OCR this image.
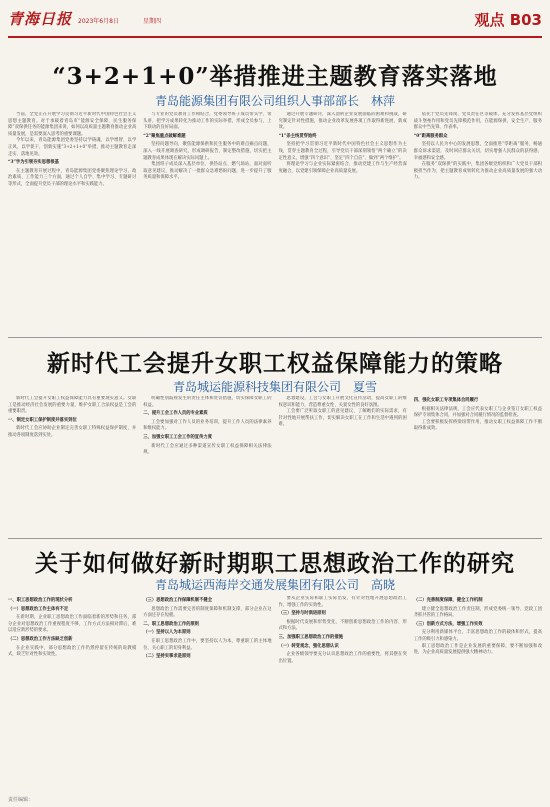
青海日报 2023年6月8日	星期四	观点 B03
“3+2+1+0”举措推进主题教育落实落地
青岛能源集团有限公司组织人事部部长　林萍

当前，全党正在开展学习贯彻习近平新时代中国特色社会主义思想主题教育。对于承载着青岛市“能源安全保障、民生服务保障”双保供任务的能源集团来说，如何以高质量主题教育推动企业高质量发展，是需要深入思考的重要课题。

今年以来，青岛能源集团党委坚持以学铸魂、以学增智、以学正风、以学促干，创新实施“3+2+1+0”举措，推动主题教育走深走实、落地见效。

“3”字为引领夯实思想根基

在主题教育开展过程中，青岛能源集团党委聚焦理论学习、政治素质、工作能力三个方面，通过个人自学、集中学习、专题研讨等形式，全面提升党员干部的理论水平和实践能力。

与专业的党员教育工作相结合，党委领导班子成员带头学、带头讲，把学习成果转化为推动工作的实际举措，形成全员参与、上下联动的良好局面。

“2”聚焦重点破解难题

坚持问题导向，聚焦能源保供和民生服务中的难点痛点问题，深入一线开展调查研究，形成调研报告，制定整改措施，切实把主题教育成果体现在解决实际问题上。

集团班子成员深入基层单位、供热站点、燃气场站，面对面听取意见建议，推动解决了一批群众急难愁盼问题，进一步提升了服务质量和保障水平。

通过开展专题研讨，深入剖析企业发展面临的困难和挑战，研究制定针对性措施，推动企业改革发展各项工作取得新进展、新成效。

“1”条主线贯穿始终

坚持把学习贯彻习近平新时代中国特色社会主义思想作为主线，贯穿主题教育全过程，引导党员干部深刻领悟“两个确立”的决定性意义，增强“四个意识”、坚定“四个自信”、做到“两个维护”。

将理论学习与企业实际紧密结合，推动党建工作与生产经营深度融合，以党建引领保障企业高质量发展。

依托于党员先锋岗、党员责任区等载体，充分发挥基层党组织战斗堡垒作用和党员先锋模范作用，在能源保供、安全生产、服务群众中当先锋、作表率。

“0”距离服务群众

坚持以人民为中心的发展思想，全面推进“零距离”服务，畅通群众诉求渠道，及时回应群众关切，切实增强人民群众的获得感、幸福感和安全感。

在服务“双保供”的实践中，集团各级党组织和广大党员干部积极担当作为，把主题教育成果转化为推动企业高质量发展的强大动力。

新时代工会提升女职工权益保障能力的策略
青岛城运能源科技集团有限公司　夏雪

新时代工会提升女职工权益保障能力具有重要现实意义。女职工是推动经济社会发展的重要力量，维护女职工合法权益是工会的重要职责。

一、制定女职工保护制度并落实到位

新时代工会应协助企业制定完善女职工特殊权益保护制度，并推动各项制度落到实处。

明确性别歧视发生的责任主体和处罚措施，切实保障女职工的权益。

二、提升工会工作人员的专业素质

工会要加强对工作人员的业务培训，提升工作人员的法律素养和维权能力。

三、加强女职工工会工作的宣传力度

新时代工会应通过多种渠道宣传女职工权益保障相关法律法规。

思想建设，工会与女职工开展文化宣传活动，提高女职工的维权意识和能力，营造尊重女性、关爱女性的良好氛围。

工会要广泛听取女职工的意见建议，了解她们的实际需求，有针对性地开展帮扶工作，切实解决女职工在工作和生活中遇到的困难。

四、强化女职工专项集体合同履行

根据相关法律法规，工会应代表女职工与企业签订女职工权益保护专项集体合同，并加强对合同履行情况的监督检查。

工会要积极发挥桥梁纽带作用，推动女职工权益保障工作不断取得新成效。

关于如何做好新时期职工思想政治工作的研究
青岛城运西海岸交通发展集团有限公司　高晓

一、职工思想政治工作的现状分析

（一）思想政治工作主体有不足

在新时期，企业职工思想政治工作面临着新的形势和任务，部分企业对思想政治工作重视程度不够，工作方式方法相对滞后，难以适应新形势的要求。

（二）思想政治工作方法缺乏创新

在企业实践中，部分思想政治工作仍然停留在传统的说教模式，缺乏针对性和实效性。

（三）思想政治工作保障机制不健全

思想政治工作需要完善的制度保障和机制支撑，部分企业在这方面还存在短板。

二、职工思想政治工作的原则

（一）坚持以人为本原则

在职工思想政治工作中，要坚持以人为本，尊重职工的主体地位，关心职工的切身利益。

（二）坚持实事求是原则

要从企业实际和职工实际出发，有针对性地开展思想政治工作，增强工作的实效性。

（三）坚持与时俱进原则

根据时代发展和形势变化，不断创新思想政治工作的内容、形式和方法。

三、加强职工思想政治工作的措施

（一）转变观念，强化思想认识

企业各级领导要充分认识思想政治工作的重要性，将其摆在突出位置。

（二）完善制度保障，健全工作机制

建立健全思想政治工作责任制，形成党委统一领导、党政工团齐抓共管的工作格局。

（三）创新方式方法，增强工作实效

充分利用新媒体平台，丰富思想政治工作的载体和形式，提高工作的吸引力和感染力。

职工思想政治工作是企业发展的重要保障，要不断加强和改进，为企业高质量发展提供强大精神动力。

责任编辑：
